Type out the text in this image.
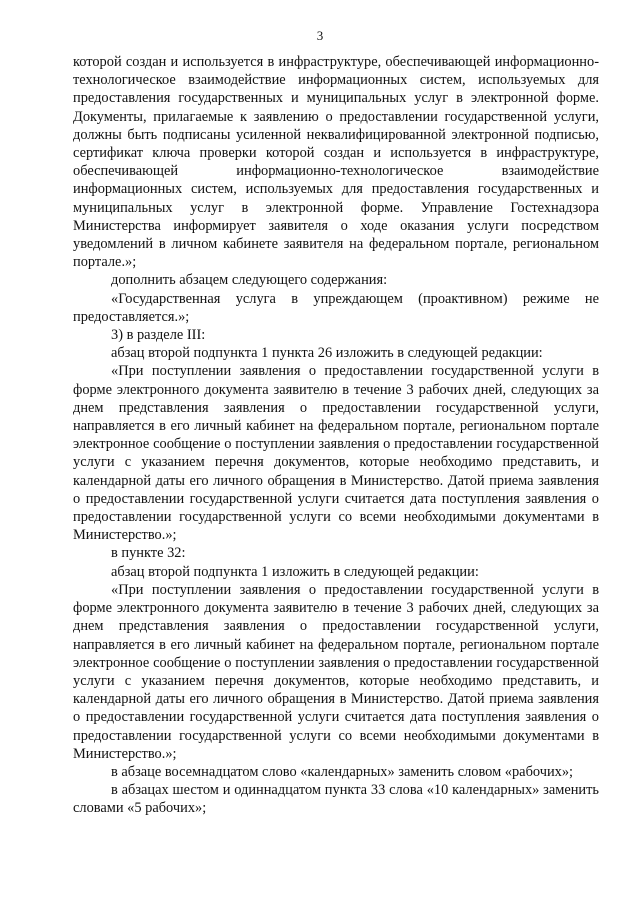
3

которой создан и используется в инфраструктуре, обеспечивающей информационно-технологическое взаимодействие информационных систем, используемых для предоставления государственных и муниципальных услуг в электронной форме. Документы, прилагаемые к заявлению о предоставлении государственной услуги, должны быть подписаны усиленной неквалифицированной электронной подписью, сертификат ключа проверки которой создан и используется в инфраструктуре, обеспечивающей информационно-технологическое взаимодействие информационных систем, используемых для предоставления государственных и муниципальных услуг в электронной форме. Управление Гостехнадзора Министерства информирует заявителя о ходе оказания услуги посредством уведомлений в личном кабинете заявителя на федеральном портале, региональном портале.»;

дополнить абзацем следующего содержания:

«Государственная услуга в упреждающем (проактивном) режиме не предоставляется.»;

3) в разделе III:

абзац второй подпункта 1 пункта 26 изложить в следующей редакции:

«При поступлении заявления о предоставлении государственной услуги в форме электронного документа заявителю в течение 3 рабочих дней, следующих за днем представления заявления о предоставлении государственной услуги, направляется в его личный кабинет на федеральном портале, региональном портале электронное сообщение о поступлении заявления о предоставлении государственной услуги с указанием перечня документов, которые необходимо представить, и календарной даты его личного обращения в Министерство. Датой приема заявления о предоставлении государственной услуги считается дата поступления заявления о предоставлении государственной услуги со всеми необходимыми документами в Министерство.»;

в пункте 32:

абзац второй подпункта 1 изложить в следующей редакции:

«При поступлении заявления о предоставлении государственной услуги в форме электронного документа заявителю в течение 3 рабочих дней, следующих за днем представления заявления о предоставлении государственной услуги, направляется в его личный кабинет на федеральном портале, региональном портале электронное сообщение о поступлении заявления о предоставлении государственной услуги с указанием перечня документов, которые необходимо представить, и календарной даты его личного обращения в Министерство. Датой приема заявления о предоставлении государственной услуги считается дата поступления заявления о предоставлении государственной услуги со всеми необходимыми документами в Министерство.»;

в абзаце восемнадцатом слово «календарных» заменить словом «рабочих»;

в абзацах шестом и одиннадцатом пункта 33 слова «10 календарных» заменить словами «5 рабочих»;
